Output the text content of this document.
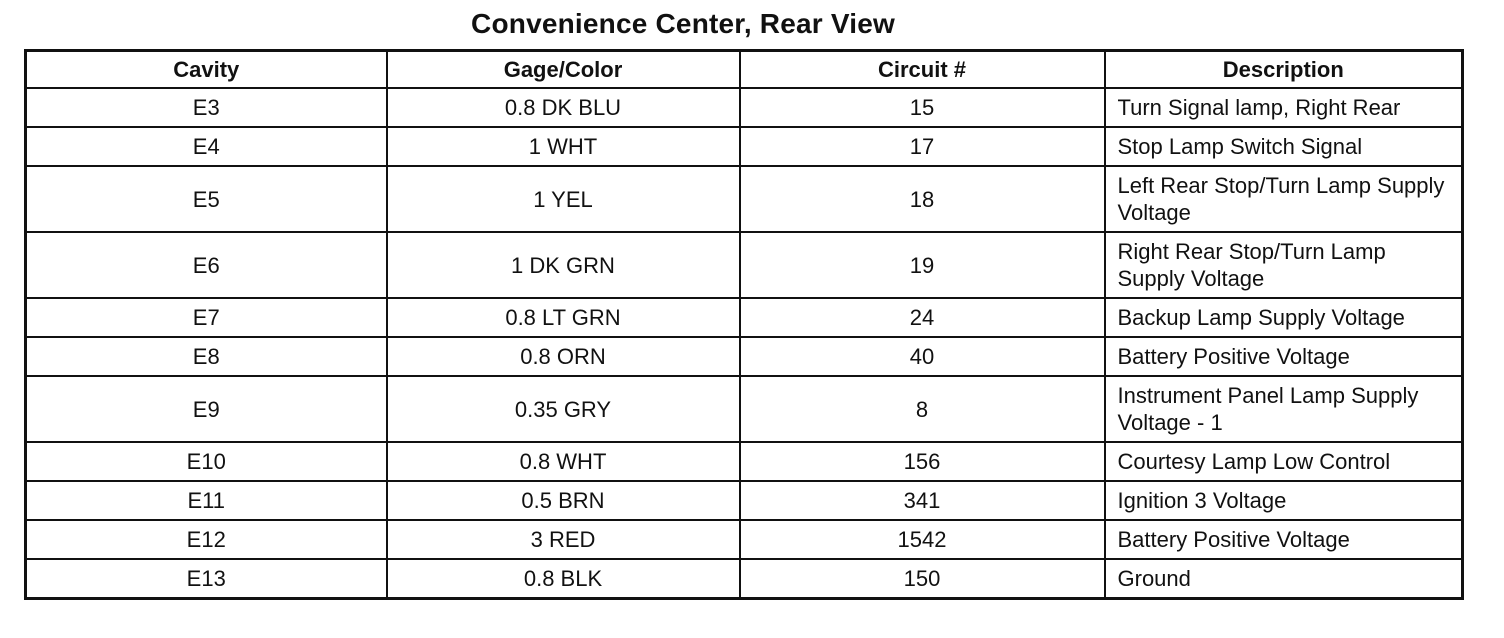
Convenience Center, Rear View
Cavity	Gage/Color	Circuit #	Description
E3	0.8 DK BLU	15	Turn Signal lamp, Right Rear
E4	1 WHT	17	Stop Lamp Switch Signal
E5	1 YEL	18	Left Rear Stop/Turn Lamp Supply Voltage
E6	1 DK GRN	19	Right Rear Stop/Turn Lamp Supply Voltage
E7	0.8 LT GRN	24	Backup Lamp Supply Voltage
E8	0.8 ORN	40	Battery Positive Voltage
E9	0.35 GRY	8	Instrument Panel Lamp Supply Voltage - 1
E10	0.8 WHT	156	Courtesy Lamp Low Control
E11	0.5 BRN	341	Ignition 3 Voltage
E12	3 RED	1542	Battery Positive Voltage
E13	0.8 BLK	150	Ground
